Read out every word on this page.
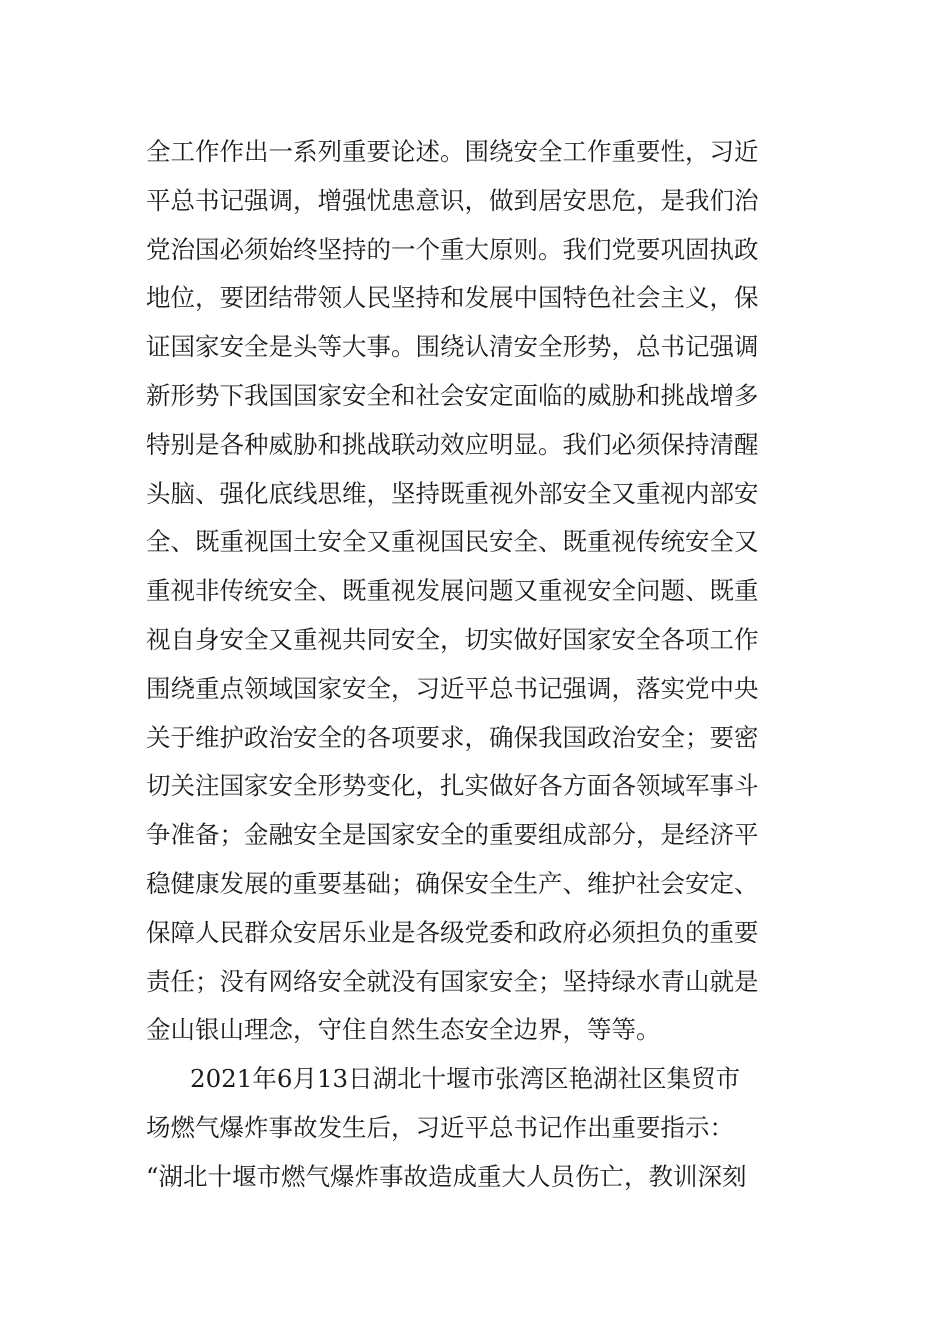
全工作作出一系列重要论述。围绕安全工作重要性，习近
平总书记强调，增强忧患意识，做到居安思危，是我们治
党治国必须始终坚持的一个重大原则。我们党要巩固执政
地位，要团结带领人民坚持和发展中国特色社会主义，保
证国家安全是头等大事。围绕认清安全形势，总书记强调
新形势下我国国家安全和社会安定面临的威胁和挑战增多
特别是各种威胁和挑战联动效应明显。我们必须保持清醒
头脑、强化底线思维，坚持既重视外部安全又重视内部安
全、既重视国土安全又重视国民安全、既重视传统安全又
重视非传统安全、既重视发展问题又重视安全问题、既重
视自身安全又重视共同安全，切实做好国家安全各项工作
围绕重点领域国家安全，习近平总书记强调，落实党中央
关于维护政治安全的各项要求，确保我国政治安全；要密
切关注国家安全形势变化，扎实做好各方面各领域军事斗
争准备；金融安全是国家安全的重要组成部分，是经济平
稳健康发展的重要基础；确保安全生产、维护社会安定、
保障人民群众安居乐业是各级党委和政府必须担负的重要
责任；没有网络安全就没有国家安全；坚持绿水青山就是
金山银山理念，守住自然生态安全边界，等等。
2021年6月13日湖北十堰市张湾区艳湖社区集贸市
场燃气爆炸事故发生后，习近平总书记作出重要指示：
“湖北十堰市燃气爆炸事故造成重大人员伤亡，教训深刻
